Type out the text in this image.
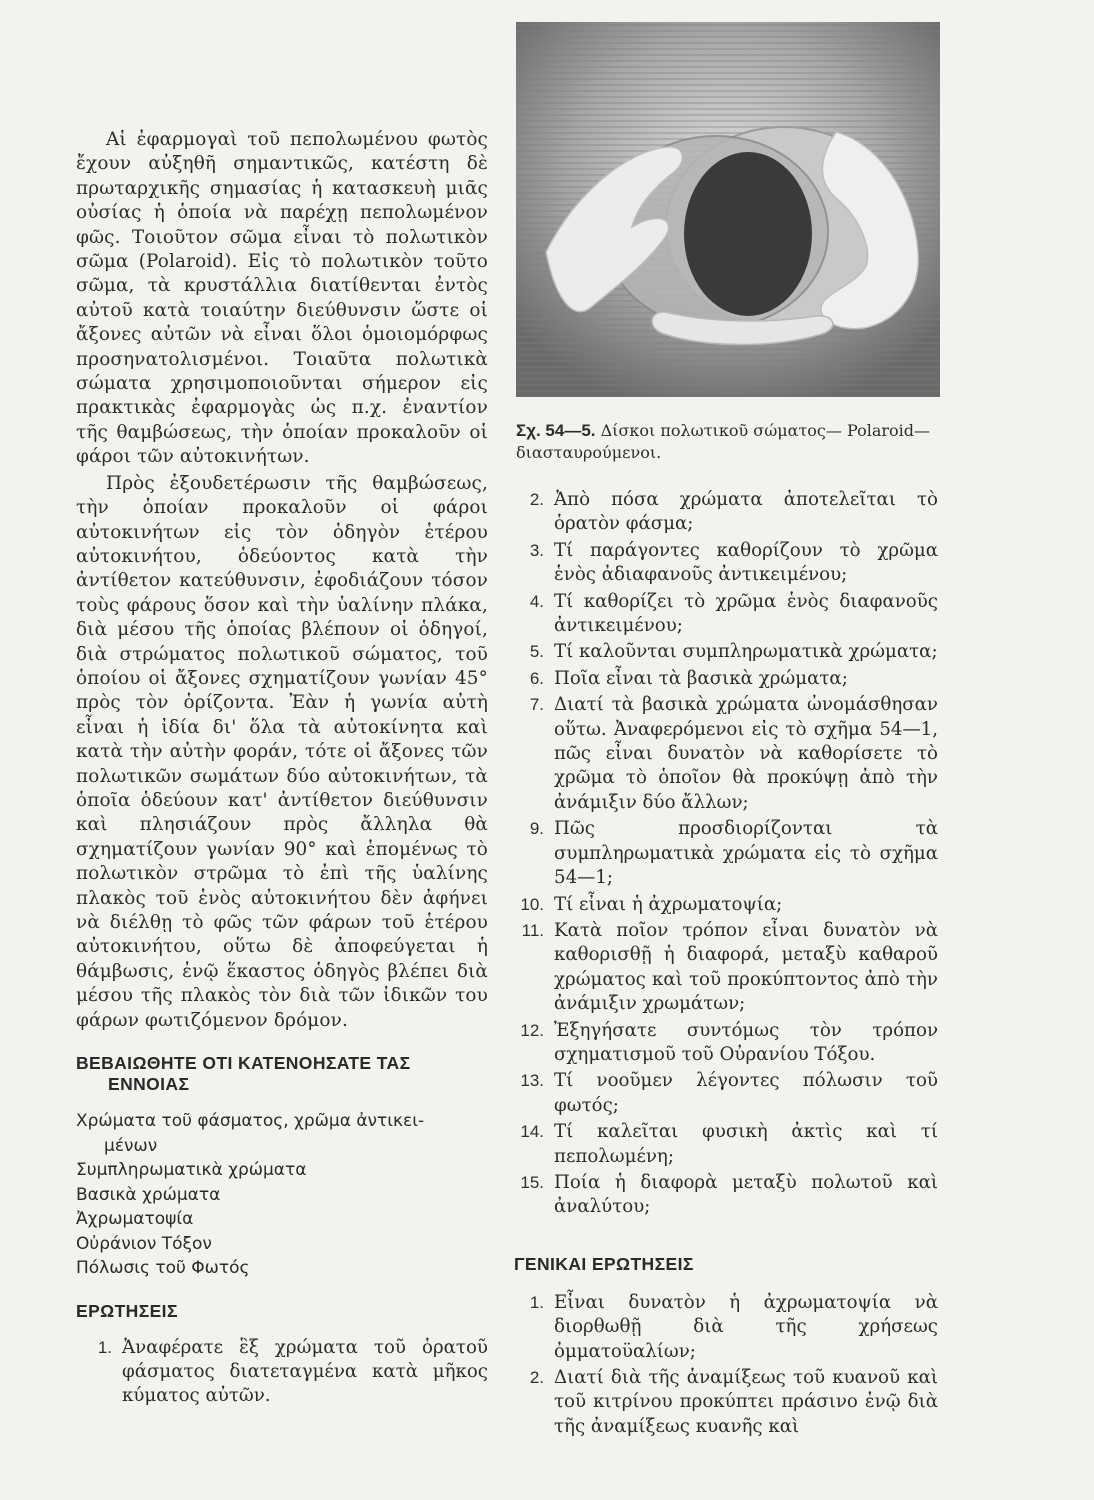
Αἱ ἐφαρμογαὶ τοῦ πεπολωμένου φωτὸς ἔχουν αὐξηθῆ σημαντικῶς, κατέστη δὲ πρωταρχικῆς σημασίας ἡ κατασκευὴ μιᾶς οὐσίας ἡ ὁποία νὰ παρέχῃ πεπολωμένον φῶς. Τοιοῦτον σῶμα εἶναι τὸ πολωτικὸν σῶμα (Polaroid). Εἰς τὸ πολωτικὸν τοῦτο σῶμα, τὰ κρυστάλλια διατίθενται ἐντὸς αὐτοῦ κατὰ τοιαύτην διεύθυνσιν ὥστε οἱ ἄξονες αὐτῶν νὰ εἶναι ὅλοι ὁμοιομόρφως προσηνατολισμένοι. Τοιαῦτα πολωτικὰ σώματα χρησιμοποιοῦνται σήμερον εἰς πρακτικὰς ἐφαρμογὰς ὡς π.χ. ἐναντίον τῆς θαμβώσεως, τὴν ὁποίαν προκαλοῦν οἱ φάροι τῶν αὐτοκινήτων.

Πρὸς ἐξουδετέρωσιν τῆς θαμβώσεως, τὴν ὁποίαν προκαλοῦν οἱ φάροι αὐτοκινήτων εἰς τὸν ὁδηγὸν ἑτέρου αὐτοκινήτου, ὁδεύοντος κατὰ τὴν ἀντίθετον κατεύθυνσιν, ἐφοδιάζουν τόσον τοὺς φάρους ὅσον καὶ τὴν ὑαλίνην πλάκα, διὰ μέσου τῆς ὁποίας βλέπουν οἱ ὁδηγοί, διὰ στρώματος πολωτικοῦ σώματος, τοῦ ὁποίου οἱ ἄξονες σχηματίζουν γωνίαν 45° πρὸς τὸν ὁρίζοντα. Ἐὰν ἡ γωνία αὐτὴ εἶναι ἡ ἰδία δι' ὅλα τὰ αὐτοκίνητα καὶ κατὰ τὴν αὐτὴν φοράν, τότε οἱ ἄξονες τῶν πολωτικῶν σωμάτων δύο αὐτοκινήτων, τὰ ὁποῖα ὁδεύουν κατ' ἀντίθετον διεύθυνσιν καὶ πλησιάζουν πρὸς ἄλληλα θὰ σχηματίζουν γωνίαν 90° καὶ ἑπομένως τὸ πολωτικὸν στρῶμα τὸ ἐπὶ τῆς ὑαλίνης πλακὸς τοῦ ἑνὸς αὐτοκινήτου δὲν ἀφήνει νὰ διέλθῃ τὸ φῶς τῶν φάρων τοῦ ἑτέρου αὐτοκινήτου, οὕτω δὲ ἀποφεύγεται ἡ θάμβωσις, ἐνῷ ἕκαστος ὁδηγὸς βλέπει διὰ μέσου τῆς πλακὸς τὸν διὰ τῶν ἰδικῶν του φάρων φωτιζόμενον δρόμον.

ΒΕΒΑΙΩΘΗΤΕ ΟΤΙ ΚΑΤΕΝΟΗΣΑΤΕ ΤΑΣ
ΕΝΝΟΙΑΣ
Χρώματα τοῦ φάσματος, χρῶμα ἀντικει-
μένων
Συμπληρωματικὰ χρώματα
Βασικὰ χρώματα
Ἀχρωματοψία
Οὐράνιον Τόξον
Πόλωσις τοῦ Φωτός
ΕΡΩΤΗΣΕΙΣ
1. Ἀναφέρατε ἓξ χρώματα τοῦ ὁρατοῦ φάσματος διατεταγμένα κατὰ μῆκος κύματος αὐτῶν.
Σχ. 54—5. Δίσκοι πολωτικοῦ σώματος— Polaroid—διασταυρούμενοι.
2. Ἀπὸ πόσα χρώματα ἀποτελεῖται τὸ ὁρατὸν φάσμα;
3. Τί παράγοντες καθορίζουν τὸ χρῶμα ἑνὸς ἀδιαφανοῦς ἀντικειμένου;
4. Τί καθορίζει τὸ χρῶμα ἑνὸς διαφανοῦς ἀντικειμένου;
5. Τί καλοῦνται συμπληρωματικὰ χρώματα;
6. Ποῖα εἶναι τὰ βασικὰ χρώματα;
7. Διατί τὰ βασικὰ χρώματα ὠνομάσθησαν οὕτω. Ἀναφερόμενοι εἰς τὸ σχῆμα 54—1, πῶς εἶναι δυνατὸν νὰ καθορίσετε τὸ χρῶμα τὸ ὁποῖον θὰ προκύψῃ ἀπὸ τὴν ἀνάμιξιν δύο ἄλλων;
9. Πῶς προσδιορίζονται τὰ συμπληρωματικὰ χρώματα εἰς τὸ σχῆμα 54—1;
10. Τί εἶναι ἡ ἀχρωματοψία;
11. Κατὰ ποῖον τρόπον εἶναι δυνατὸν νὰ καθορισθῇ ἡ διαφορά, μεταξὺ καθαροῦ χρώματος καὶ τοῦ προκύπτοντος ἀπὸ τὴν ἀνάμιξιν χρωμάτων;
12. Ἐξηγήσατε συντόμως τὸν τρόπον σχηματισμοῦ τοῦ Οὐρανίου Τόξου.
13. Τί νοοῦμεν λέγοντες πόλωσιν τοῦ φωτός;
14. Τί καλεῖται φυσικὴ ἀκτὶς καὶ τί πεπολωμένη;
15. Ποία ἡ διαφορὰ μεταξὺ πολωτοῦ καὶ ἀναλύτου;
ΓΕΝΙΚΑΙ ΕΡΩΤΗΣΕΙΣ
1. Εἶναι δυνατὸν ἡ ἀχρωματοψία νὰ διορθωθῇ διὰ τῆς χρήσεως ὀμματοϋαλίων;
2. Διατί διὰ τῆς ἀναμίξεως τοῦ κυανοῦ καὶ τοῦ κιτρίνου προκύπτει πράσινο ἐνῷ διὰ τῆς ἀναμίξεως κυανῆς καὶ
